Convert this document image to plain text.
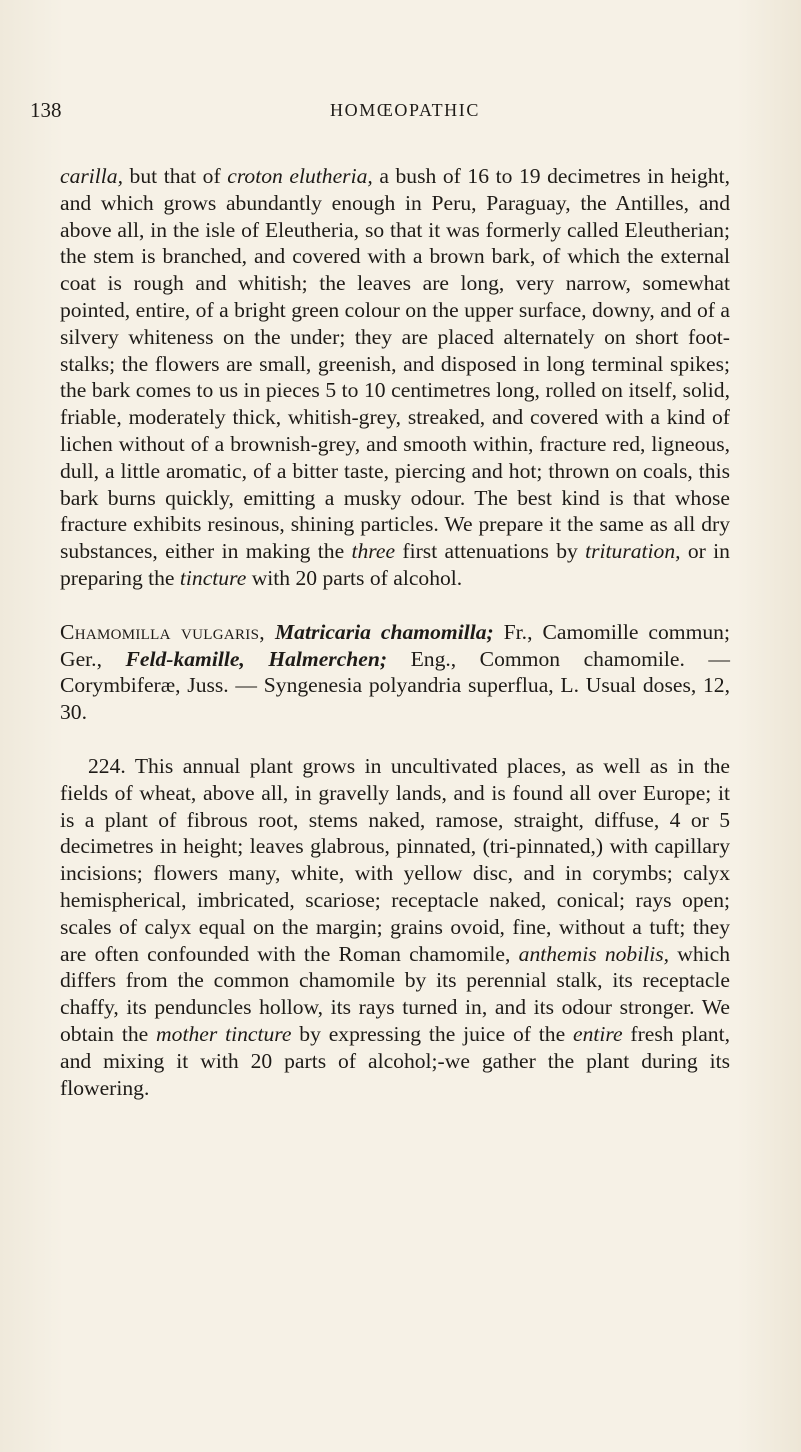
138	HOMŒOPATHIC

carilla, but that of croton elutheria, a bush of 16 to 19 decimetres in height, and which grows abundantly enough in Peru, Paraguay, the Antilles, and above all, in the isle of Eleutheria, so that it was formerly called Eleutherian; the stem is branched, and covered with a brown bark, of which the external coat is rough and whitish; the leaves are long, very narrow, somewhat pointed, entire, of a bright green colour on the upper surface, downy, and of a silvery whiteness on the under; they are placed alternately on short foot-stalks; the flowers are small, greenish, and disposed in long terminal spikes; the bark comes to us in pieces 5 to 10 centimetres long, rolled on itself, solid, friable, moderately thick, whitish-grey, streaked, and covered with a kind of lichen without of a brownish-grey, and smooth within, fracture red, ligneous, dull, a little aromatic, of a bitter taste, piercing and hot; thrown on coals, this bark burns quickly, emitting a musky odour. The best kind is that whose fracture exhibits resinous, shining particles. We prepare it the same as all dry substances, either in making the three first attenuations by trituration, or in preparing the tincture with 20 parts of alcohol.

Chamomilla vulgaris, Matricaria chamomilla; Fr., Camomille commun; Ger., Feld-kamille, Halmerchen; Eng., Common chamomile. — Corymbiferæ, Juss. — Syngenesia polyandria superflua, L. Usual doses, 12, 30.

224. This annual plant grows in uncultivated places, as well as in the fields of wheat, above all, in gravelly lands, and is found all over Europe; it is a plant of fibrous root, stems naked, ramose, straight, diffuse, 4 or 5 decimetres in height; leaves glabrous, pinnated, (tri-pinnated,) with capillary incisions; flowers many, white, with yellow disc, and in corymbs; calyx hemispherical, imbricated, scariose; receptacle naked, conical; rays open; scales of calyx equal on the margin; grains ovoid, fine, without a tuft; they are often confounded with the Roman chamomile, anthemis nobilis, which differs from the common chamomile by its perennial stalk, its receptacle chaffy, its penduncles hollow, its rays turned in, and its odour stronger. We obtain the mother tincture by expressing the juice of the entire fresh plant, and mixing it with 20 parts of alcohol;-we gather the plant during its flowering.
